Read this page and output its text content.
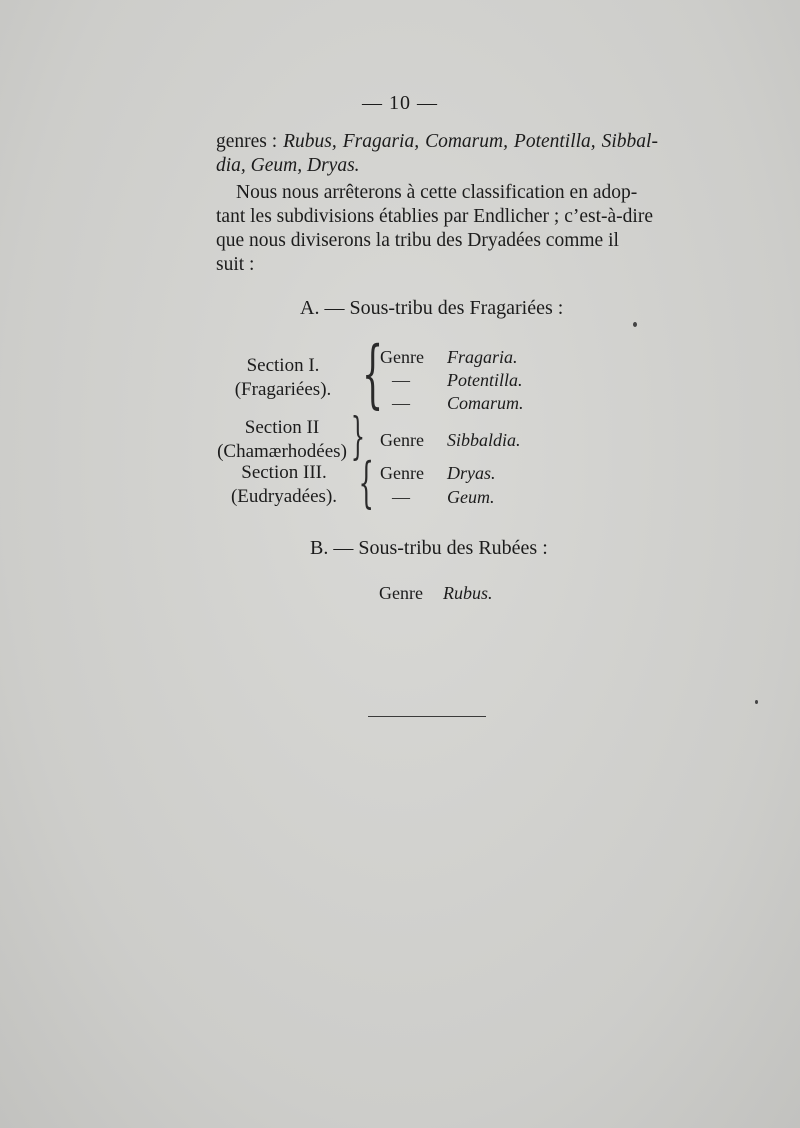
— 10 —
genres : Rubus, Fragaria, Comarum, Potentilla, Sibbal-
dia, Geum, Dryas.
Nous nous arrêterons à cette classification en adop-
tant les subdivisions établies par Endlicher ; c’est-à-dire
que nous diviserons la tribu des Dryadées comme il
suit :
A. — Sous-tribu des Fragariées :
Section I.
(Fragariées). {
Section II
(Chamærhodées) }
Section III.
(Eudryadées). {
Genre Fragaria.
— Potentilla.
— Comarum.
Genre Sibbaldia.
Genre Dryas.
— Geum.
B. — Sous-tribu des Rubées :
Genre Rubus.
